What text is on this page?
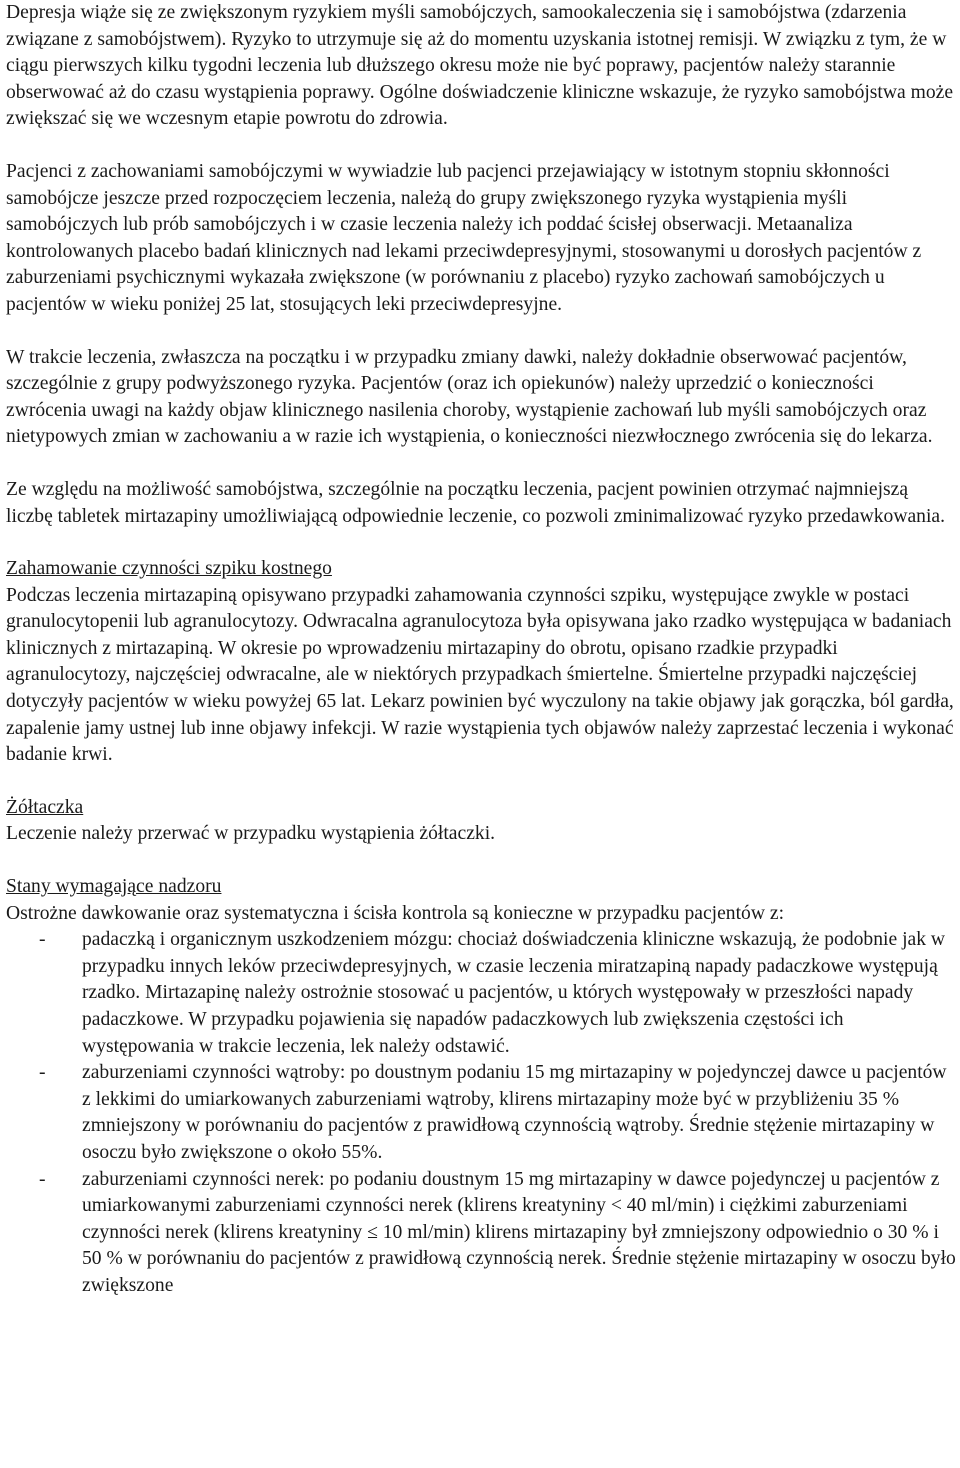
Depresja wiąże się ze zwiększonym ryzykiem myśli samobójczych, samookaleczenia się i samobójstwa (zdarzenia związane z samobójstwem). Ryzyko to utrzymuje się aż do momentu uzyskania istotnej remisji. W związku z tym, że w ciągu pierwszych kilku tygodni leczenia lub dłuższego okresu może nie być poprawy, pacjentów należy starannie obserwować aż do czasu wystąpienia poprawy. Ogólne doświadczenie kliniczne wskazuje, że ryzyko samobójstwa może zwiększać się we wczesnym etapie powrotu do zdrowia.

Pacjenci z zachowaniami samobójczymi w wywiadzie lub pacjenci przejawiający w istotnym stopniu skłonności samobójcze jeszcze przed rozpoczęciem leczenia, należą do grupy zwiększonego ryzyka wystąpienia myśli samobójczych lub prób samobójczych i w czasie leczenia należy ich poddać ścisłej obserwacji. Metaanaliza kontrolowanych placebo badań klinicznych nad lekami przeciwdepresyjnymi, stosowanymi u dorosłych pacjentów z zaburzeniami psychicznymi wykazała zwiększone (w porównaniu z placebo) ryzyko zachowań samobójczych u pacjentów w wieku poniżej 25 lat, stosujących leki przeciwdepresyjne.

W trakcie leczenia, zwłaszcza na początku i w przypadku zmiany dawki, należy dokładnie obserwować pacjentów, szczególnie z grupy podwyższonego ryzyka. Pacjentów (oraz ich opiekunów) należy uprzedzić o konieczności zwrócenia uwagi na każdy objaw klinicznego nasilenia choroby, wystąpienie zachowań lub myśli samobójczych oraz nietypowych zmian w zachowaniu a w razie ich wystąpienia, o konieczności niezwłocznego zwrócenia się do lekarza.

Ze względu na możliwość samobójstwa, szczególnie na początku leczenia, pacjent powinien otrzymać najmniejszą liczbę tabletek mirtazapiny umożliwiającą odpowiednie leczenie, co pozwoli zminimalizować ryzyko przedawkowania.

Zahamowanie czynności szpiku kostnego

Podczas leczenia mirtazapiną opisywano przypadki zahamowania czynności szpiku, występujące zwykle w postaci granulocytopenii lub agranulocytozy. Odwracalna agranulocytoza była opisywana jako rzadko występująca w badaniach klinicznych z mirtazapiną. W okresie po wprowadzeniu mirtazapiny do obrotu, opisano rzadkie przypadki agranulocytozy, najczęściej odwracalne, ale w niektórych przypadkach śmiertelne. Śmiertelne przypadki najczęściej dotyczyły pacjentów w wieku powyżej 65 lat. Lekarz powinien być wyczulony na takie objawy jak gorączka, ból gardła, zapalenie jamy ustnej lub inne objawy infekcji. W razie wystąpienia tych objawów należy zaprzestać leczenia i wykonać badanie krwi.

Żółtaczka

Leczenie należy przerwać w przypadku wystąpienia żółtaczki.

Stany wymagające nadzoru

Ostrożne dawkowanie oraz systematyczna i ścisła kontrola są konieczne w przypadku pacjentów z:

- padaczką i organicznym uszkodzeniem mózgu: chociaż doświadczenia kliniczne wskazują, że podobnie jak w przypadku innych leków przeciwdepresyjnych, w czasie leczenia miratzapiną napady padaczkowe występują rzadko. Mirtazapinę należy ostrożnie stosować u pacjentów, u których występowały w przeszłości napady padaczkowe. W przypadku pojawienia się napadów padaczkowych lub zwiększenia częstości ich występowania w trakcie leczenia, lek należy odstawić.
- zaburzeniami czynności wątroby: po doustnym podaniu 15 mg mirtazapiny w pojedynczej dawce u pacjentów z lekkimi do umiarkowanych zaburzeniami wątroby, klirens mirtazapiny może być w przybliżeniu 35 % zmniejszony w porównaniu do pacjentów z prawidłową czynnością wątroby. Średnie stężenie mirtazapiny w osoczu było zwiększone o około 55%.
- zaburzeniami czynności nerek: po podaniu doustnym 15 mg mirtazapiny w dawce pojedynczej u pacjentów z umiarkowanymi zaburzeniami czynności nerek (klirens kreatyniny < 40 ml/min) i ciężkimi zaburzeniami czynności nerek (klirens kreatyniny ≤ 10 ml/min) klirens mirtazapiny był zmniejszony odpowiednio o 30 % i 50 % w porównaniu do pacjentów z prawidłową czynnością nerek. Średnie stężenie mirtazapiny w osoczu było zwiększone
